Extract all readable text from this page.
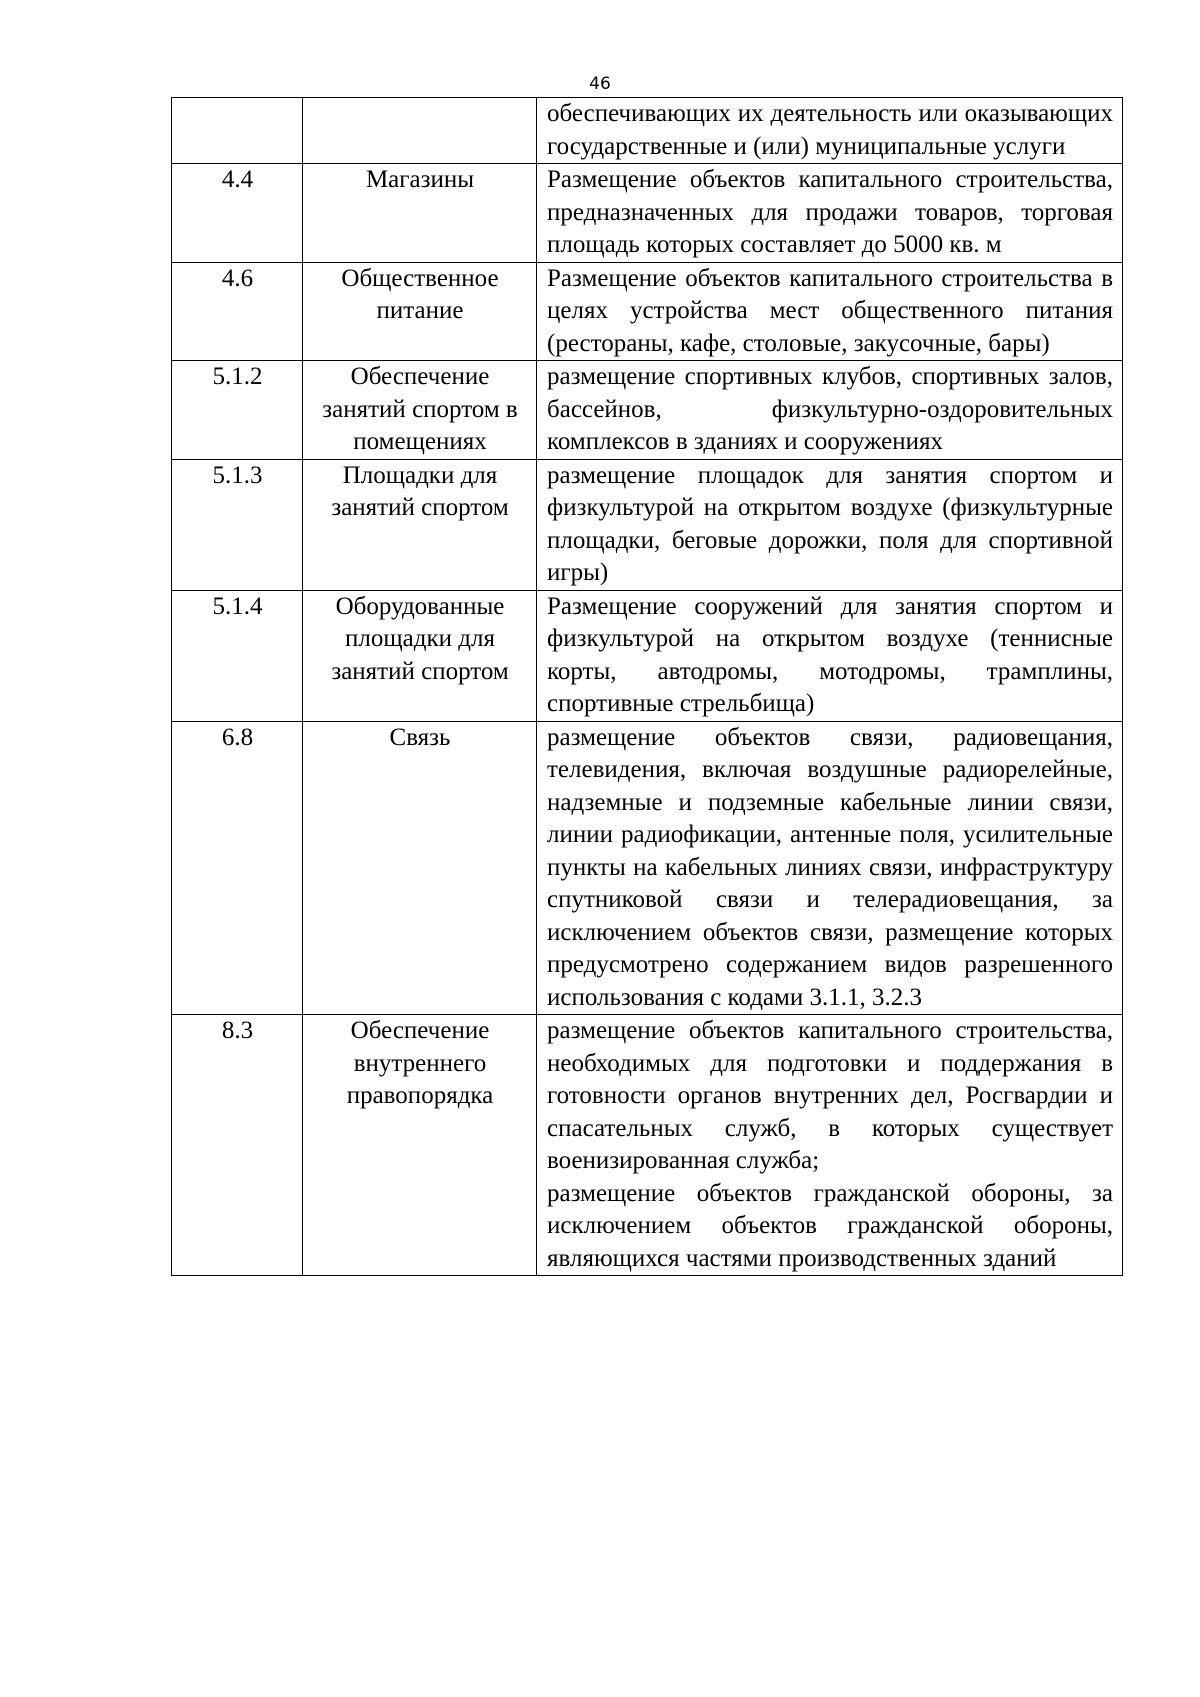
46

		обеспечивающих их деятельность или оказывающих государственные и (или) муниципальные услуги

4.4	Магазины	Размещение объектов капитального строительства, предназначенных для продажи товаров, торговая площадь которых составляет до 5000 кв. м

4.6	Общественное питание	Размещение объектов капитального строительства в целях устройства мест общественного питания (рестораны, кафе, столовые, закусочные, бары)

5.1.2	Обеспечение занятий спортом в помещениях	размещение спортивных клубов, спортивных залов, бассейнов, физкультурно-оздоровительных комплексов в зданиях и сооружениях

5.1.3	Площадки для занятий спортом	размещение площадок для занятия спортом и физкультурой на открытом воздухе (физкультурные площадки, беговые дорожки, поля для спортивной игры)

5.1.4	Оборудованные площадки для занятий спортом	Размещение сооружений для занятия спортом и физкультурой на открытом воздухе (теннисные корты, автодромы, мотодромы, трамплины, спортивные стрельбища)

6.8	Связь	размещение объектов связи, радиовещания, телевидения, включая воздушные радиорелейные, надземные и подземные кабельные линии связи, линии радиофикации, антенные поля, усилительные пункты на кабельных линиях связи, инфраструктуру спутниковой связи и телерадиовещания, за исключением объектов связи, размещение которых предусмотрено содержанием видов разрешенного использования с кодами 3.1.1, 3.2.3

8.3	Обеспечение внутреннего правопорядка	размещение объектов капитального строительства, необходимых для подготовки и поддержания в готовности органов внутренних дел, Росгвардии и спасательных служб, в которых существует военизированная служба;
размещение объектов гражданской обороны, за исключением объектов гражданской обороны, являющихся частями производственных зданий
